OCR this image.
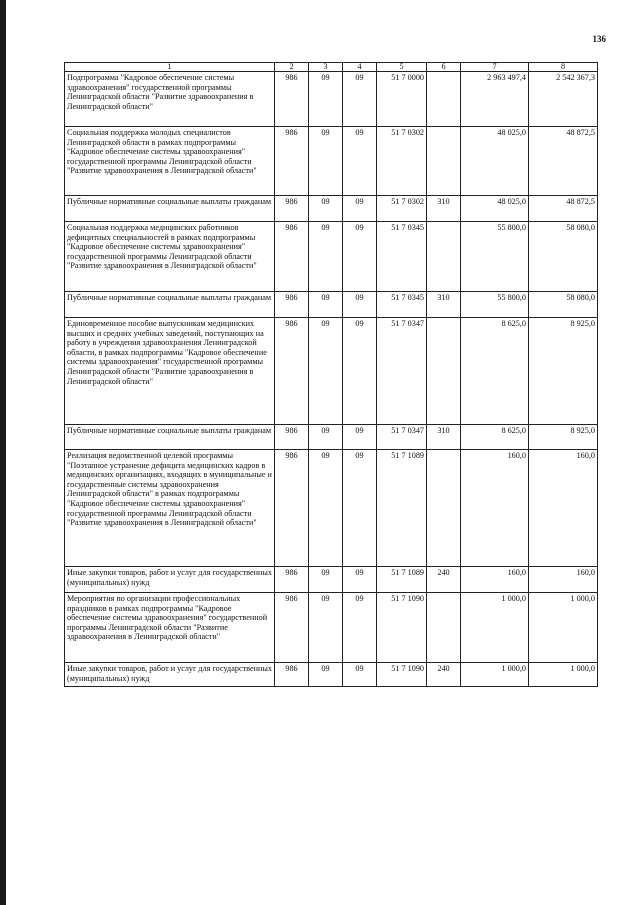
136
1	2	3	4	5	6	7	8
Подпрограмма "Кадровое обеспечение системы здравоохранения" государственной программы Ленинградской области "Развитие здравоохранения в Ленинградской области"	986	09	09	51 7 0000		2 963 497,4	2 542 367,3
Социальная поддержка молодых специалистов Ленинградской области в рамках подпрограммы "Кадровое обеспечение системы здравоохранения" государственной программы Ленинградской области "Развитие здравоохранения в Ленинградской области"	986	09	09	51 7 0302		48 025,0	48 872,5
Публичные нормативные социальные выплаты гражданам	986	09	09	51 7 0302	310	48 025,0	48 872,5
Социальная поддержка медицинских работников дефицитных специальностей в рамках подпрограммы "Кадровое обеспечение системы здравоохранения" государственной программы Ленинградской области "Развитие здравоохранения в Ленинградской области"	986	09	09	51 7 0345		55 800,0	58 080,0
Публичные нормативные социальные выплаты гражданам	986	09	09	51 7 0345	310	55 800,0	58 080,0
Единовременное пособие выпускникам медицинских высших и средних учебных заведений, поступающих на работу в учреждения здравоохранения Ленинградской области, в рамках подпрограммы "Кадровое обеспечение системы здравоохранения" государственной программы Ленинградской области "Развитие здравоохранения в Ленинградской области"	986	09	09	51 7 0347		8 625,0	8 925,0
Публичные нормативные социальные выплаты гражданам	986	09	09	51 7 0347	310	8 625,0	8 925,0
Реализация ведомственной целевой программы "Поэтапное устранение дефицита медицинских кадров в медицинских организациях, входящих в муниципальные и государственные системы здравоохранения Ленинградской области" в рамках подпрограммы "Кадровое обеспечение системы здравоохранения" государственной программы Ленинградской области "Развитие здравоохранения в Ленинградской области"	986	09	09	51 7 1089		160,0	160,0
Иные закупки товаров, работ и услуг для государственных (муниципальных) нужд	986	09	09	51 7 1089	240	160,0	160,0
Мероприятия по организации профессиональных праздников в рамках подпрограммы "Кадровое обеспечение системы здравоохранения" государственной программы Ленинградской области "Развитие здравоохранения в Ленинградской области"	986	09	09	51 7 1090		1 000,0	1 000,0
Иные закупки товаров, работ и услуг для государственных (муниципальных) нужд	986	09	09	51 7 1090	240	1 000,0	1 000,0
